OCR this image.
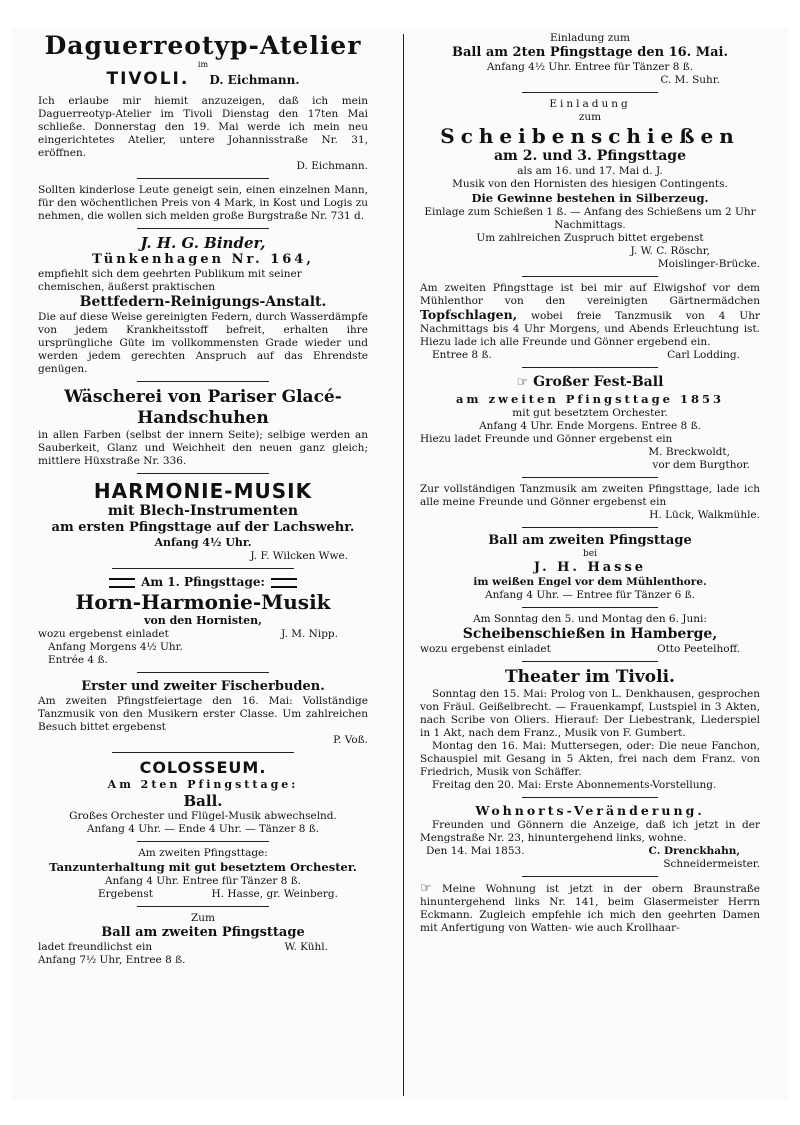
Daguerreotyp-Atelier

im

TIVOLI. D. Eichmann.

Ich erlaube mir hiemit anzuzeigen, daß ich mein Daguerreotyp-Atelier im Tivoli Dienstag den 17ten Mai schließe. Donnerstag den 19. Mai werde ich mein neu eingerichtetes Atelier, untere Johannisstraße Nr. 31, eröffnen.

D. Eichmann.

Sollten kinderlose Leute geneigt sein, einen einzelnen Mann, für den wöchentlichen Preis von 4 Mark, in Kost und Logis zu nehmen, die wollen sich melden große Burgstraße Nr. 731 d.

J. H. G. Binder,

Tünkenhagen Nr. 164,

empfiehlt sich dem geehrten Publikum mit seiner chemischen, äußerst praktischen

Bettfedern-Reinigungs-Anstalt.

Die auf diese Weise gereinigten Federn, durch Wasserdämpfe von jedem Krankheitsstoff befreit, erhalten ihre ursprüngliche Güte im vollkommensten Grade wieder und werden jedem gerechten Anspruch auf das Ehrendste genügen.

Wäscherei von Pariser Glacé-

Handschuhen

in allen Farben (selbst der innern Seite); selbige werden an Sauberkeit, Glanz und Weichheit den neuen ganz gleich; mittlere Hüxstraße Nr. 336.

HARMONIE-MUSIK

mit Blech-Instrumenten

am ersten Pfingsttage auf der Lachswehr.

Anfang 4½ Uhr.

J. F. Wilcken Wwe.

Am 1. Pfingsttage:

Horn-Harmonie-Musik

von den Hornisten,

wozu ergebenst einladet	J. M. Nipp.

Anfang Morgens 4½ Uhr.

Entrée 4 ß.

Erster und zweiter Fischerbuden.

Am zweiten Pfingstfeiertage den 16. Mai: Vollständige Tanzmusik von den Musikern erster Classe. Um zahlreichen Besuch bittet ergebenst

P. Voß.

COLOSSEUM.

Am 2ten Pfingsttage:

Ball.

Großes Orchester und Flügel-Musik abwechselnd.

Anfang 4 Uhr. — Ende 4 Uhr. — Tänzer 8 ß.

Am zweiten Pfingsttage:

Tanzunterhaltung mit gut besetztem Orchester.

Anfang 4 Uhr. Entree für Tänzer 8 ß.

Ergebenst	H. Hasse, gr. Weinberg.

Zum

Ball am zweiten Pfingsttage

ladet freundlichst ein	W. Kühl.

Anfang 7½ Uhr, Entree 8 ß.

Einladung zum

Ball am 2ten Pfingsttage den 16. Mai.

Anfang 4½ Uhr. Entree für Tänzer 8 ß.

C. M. Suhr.

Einladung

zum

Scheibenschießen

am 2. und 3. Pfingsttage

als am 16. und 17. Mai d. J.

Musik von den Hornisten des hiesigen Contingents.

Die Gewinne bestehen in Silberzeug.

Einlage zum Schießen 1 ß. — Anfang des Schießens um 2 Uhr Nachmittags.

Um zahlreichen Zuspruch bittet ergebenst

J. W. C. Röschr,

Moislinger-Brücke.

Am zweiten Pfingsttage ist bei mir auf Elwigshof vor dem Mühlenthor von den vereinigten Gärtnermädchen Topfschlagen, wobei freie Tanzmusik von 4 Uhr Nachmittags bis 4 Uhr Morgens, und Abends Erleuchtung ist. Hiezu lade ich alle Freunde und Gönner ergebend ein.

Entree 8 ß.	Carl Lodding.

☞ Großer Fest-Ball

am zweiten Pfingsttage 1853

mit gut besetztem Orchester.

Anfang 4 Uhr. Ende Morgens. Entree 8 ß.

Hiezu ladet Freunde und Gönner ergebenst ein

M. Breckwoldt,

vor dem Burgthor.

Zur vollständigen Tanzmusik am zweiten Pfingsttage, lade ich alle meine Freunde und Gönner ergebenst ein

H. Lück, Walkmühle.

Ball am zweiten Pfingsttage

bei

J. H. Hasse

im weißen Engel vor dem Mühlenthore.

Anfang 4 Uhr. — Entree für Tänzer 6 ß.

Am Sonntag den 5. und Montag den 6. Juni:

Scheibenschießen in Hamberge,

wozu ergebenst einladet	Otto Peetelhoff.

Theater im Tivoli.

Sonntag den 15. Mai: Prolog von L. Denkhausen, gesprochen von Fräul. Geißelbrecht. — Frauenkampf, Lustspiel in 3 Akten, nach Scribe von Oliers. Hierauf: Der Liebestrank, Liederspiel in 1 Akt, nach dem Franz., Musik von F. Gumbert.

Montag den 16. Mai: Muttersegen, oder: Die neue Fanchon, Schauspiel mit Gesang in 5 Akten, frei nach dem Franz. von Friedrich, Musik von Schäffer.

Freitag den 20. Mai: Erste Abonnements-Vorstellung.

Wohnorts-Veränderung.

Freunden und Gönnern die Anzeige, daß ich jetzt in der Mengstraße Nr. 23, hinuntergehend links, wohne.

Den 14. Mai 1853.	C. Drenckhahn,

Schneidermeister.

☞ Meine Wohnung ist jetzt in der obern Braunstraße hinuntergehend links Nr. 141, beim Glasermeister Herrn Eckmann. Zugleich empfehle ich mich den geehrten Damen mit Anfertigung von Watten- wie auch Krollhaar-
